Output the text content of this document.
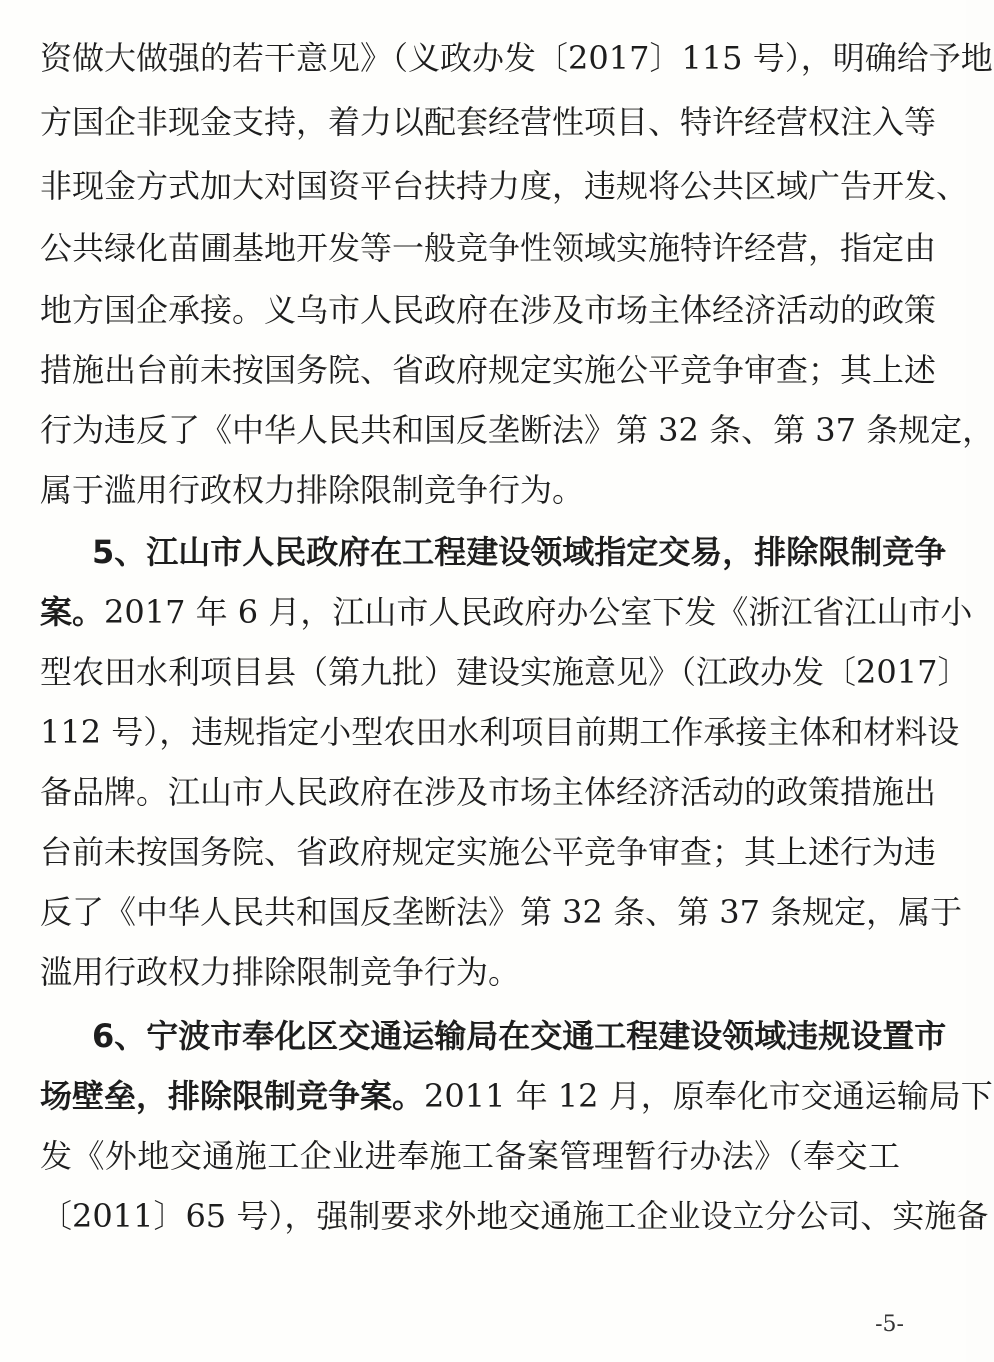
资做大做强的若干意见》（义政办发〔2017〕115 号），明确给予地
方国企非现金支持，着力以配套经营性项目、特许经营权注入等
非现金方式加大对国资平台扶持力度，违规将公共区域广告开发、
公共绿化苗圃基地开发等一般竞争性领域实施特许经营，指定由
地方国企承接。义乌市人民政府在涉及市场主体经济活动的政策
措施出台前未按国务院、省政府规定实施公平竞争审查；其上述
行为违反了《中华人民共和国反垄断法》第 32 条、第 37 条规定，
属于滥用行政权力排除限制竞争行为。
5、江山市人民政府在工程建设领域指定交易，排除限制竞争
案。2017 年 6 月，江山市人民政府办公室下发《浙江省江山市小
型农田水利项目县（第九批）建设实施意见》（江政办发〔2017〕
112 号），违规指定小型农田水利项目前期工作承接主体和材料设
备品牌。江山市人民政府在涉及市场主体经济活动的政策措施出
台前未按国务院、省政府规定实施公平竞争审查；其上述行为违
反了《中华人民共和国反垄断法》第 32 条、第 37 条规定，属于
滥用行政权力排除限制竞争行为。
6、宁波市奉化区交通运输局在交通工程建设领域违规设置市
场壁垒，排除限制竞争案。2011 年 12 月，原奉化市交通运输局下
发《外地交通施工企业进奉施工备案管理暂行办法》（奉交工
〔2011〕65 号），强制要求外地交通施工企业设立分公司、实施备
-5-
